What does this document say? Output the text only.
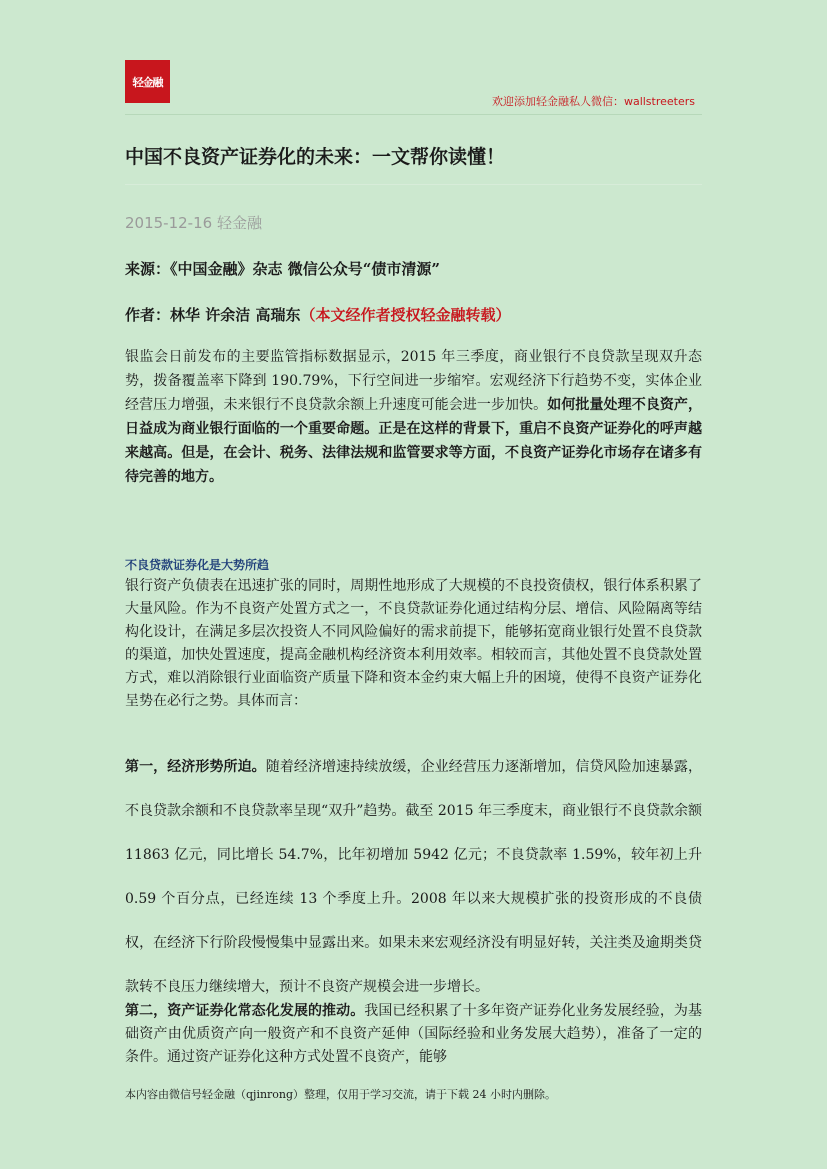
轻金融
欢迎添加轻金融私人微信：wallstreeters
中国不良资产证券化的未来：一文帮你读懂！
2015-12-16 轻金融
来源：《中国金融》杂志 微信公众号“债市清源”
作者：林华 许余洁 高瑞东（本文经作者授权轻金融转载）
银监会日前发布的主要监管指标数据显示，2015 年三季度，商业银行不良贷款呈现双升态势，拨备覆盖率下降到 190.79%，下行空间进一步缩窄。宏观经济下行趋势不变，实体企业经营压力增强，未来银行不良贷款余额上升速度可能会进一步加快。如何批量处理不良资产，日益成为商业银行面临的一个重要命题。正是在这样的背景下，重启不良资产证券化的呼声越来越高。但是，在会计、税务、法律法规和监管要求等方面，不良资产证券化市场存在诸多有待完善的地方。
不良贷款证券化是大势所趋
银行资产负债表在迅速扩张的同时，周期性地形成了大规模的不良投资债权，银行体系积累了大量风险。作为不良资产处置方式之一，不良贷款证券化通过结构分层、增信、风险隔离等结构化设计，在满足多层次投资人不同风险偏好的需求前提下，能够拓宽商业银行处置不良贷款的渠道，加快处置速度，提高金融机构经济资本利用效率。相较而言，其他处置不良贷款处置方式，难以消除银行业面临资产质量下降和资本金约束大幅上升的困境，使得不良资产证券化呈势在必行之势。具体而言：
第一，经济形势所迫。随着经济增速持续放缓，企业经营压力逐渐增加，信贷风险加速暴露，不良贷款余额和不良贷款率呈现“双升”趋势。截至 2015 年三季度末，商业银行不良贷款余额 11863 亿元，同比增长 54.7%，比年初增加 5942 亿元；不良贷款率 1.59%，较年初上升 0.59 个百分点，已经连续 13 个季度上升。2008 年以来大规模扩张的投资形成的不良债权，在经济下行阶段慢慢集中显露出来。如果未来宏观经济没有明显好转，关注类及逾期类贷款转不良压力继续增大，预计不良资产规模会进一步增长。
第二，资产证券化常态化发展的推动。我国已经积累了十多年资产证券化业务发展经验，为基础资产由优质资产向一般资产和不良资产延伸（国际经验和业务发展大趋势），准备了一定的条件。通过资产证券化这种方式处置不良资产，能够
本内容由微信号轻金融（qjinrong）整理，仅用于学习交流，请于下载 24 小时内删除。
